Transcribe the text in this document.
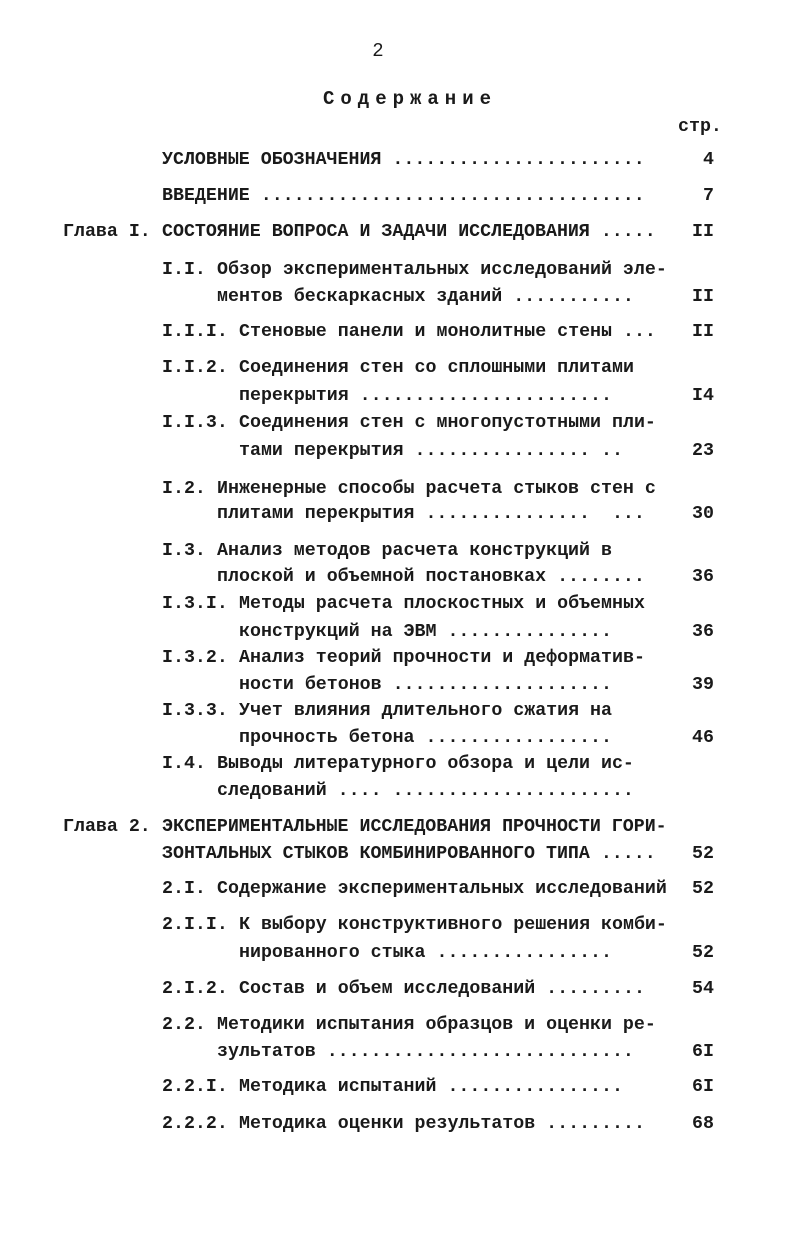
2
Содержание
стр.
УСЛОВНЫЕ ОБОЗНАЧЕНИЯ .......................	4
ВВЕДЕНИЕ ...................................	7
Глава I. СОСТОЯНИЕ ВОПРОСА И ЗАДАЧИ ИССЛЕДОВАНИЯ ..... II
I.I. Обзор экспериментальных исследований эле-
ментов бескаркасных зданий ...........	II
I.I.I. Стеновые панели и монолитные стены ... II
I.I.2. Соединения стен со сплошными плитами
перекрытия .......................	I4
I.I.3. Соединения стен с многопустотными пли-
тами перекрытия ................ ..	23
I.2. Инженерные способы расчета стыков стен с
плитами перекрытия ...............  ...	30
I.3. Анализ методов расчета конструкций в
плоской и объемной постановках ........	36
I.3.I. Методы расчета плоскостных и объемных
конструкций на ЭВМ ...............	36
I.3.2. Анализ теорий прочности и деформатив-
ности бетонов ....................	39
I.3.3. Учет влияния длительного сжатия на
прочность бетона .................	46
I.4. Выводы литературного обзора и цели ис-
следований .... ......................
Глава 2. ЭКСПЕРИМЕНТАЛЬНЫЕ ИССЛЕДОВАНИЯ ПРОЧНОСТИ ГОРИ-
ЗОНТАЛЬНЫХ СТЫКОВ КОМБИНИРОВАННОГО ТИПА ..... 52
2.I. Содержание экспериментальных исследований 52
2.I.I. К выбору конструктивного решения комби-
нированного стыка ................	52
2.I.2. Состав и объем исследований .........	54
2.2. Методики испытания образцов и оценки ре-
зультатов ............................	6I
2.2.I. Методика испытаний ................	6I
2.2.2. Методика оценки результатов .........	68
